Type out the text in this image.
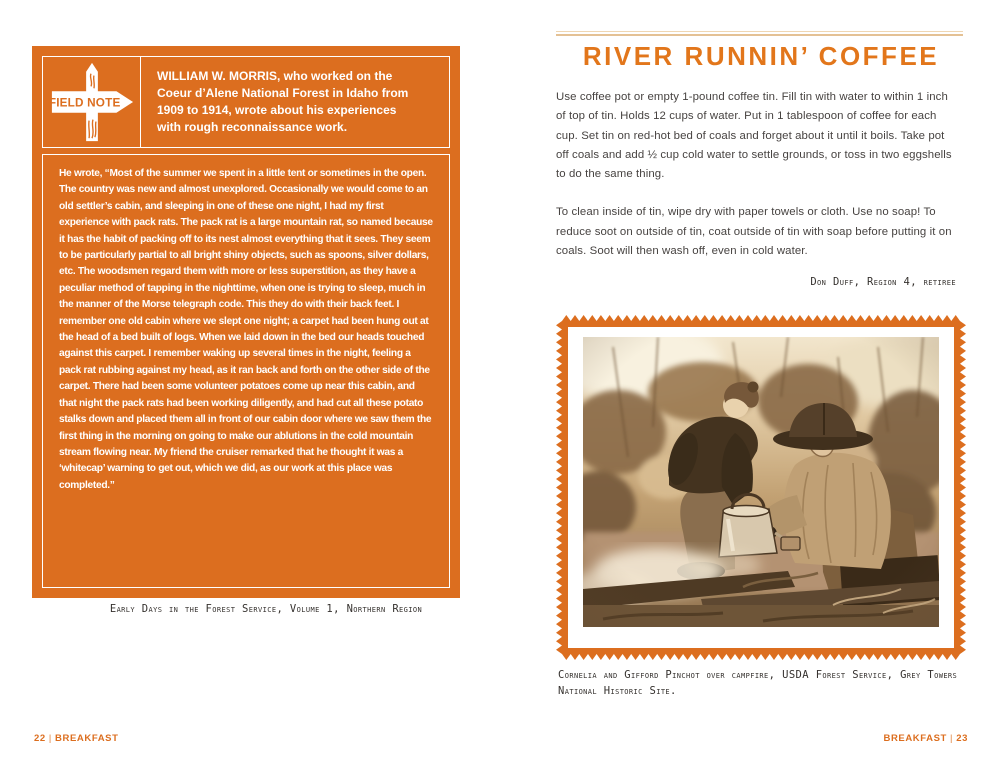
FIELD NOTE
WILLIAM W. MORRIS, who worked on the Coeur d’Alene National Forest in Idaho from 1909 to 1914, wrote about his experiences with rough reconnaissance work.
He wrote, “Most of the summer we spent in a little tent or sometimes in the open. The country was new and almost unexplored. Occasionally we would come to an old settler’s cabin, and sleeping in one of these one night, I had my first experience with pack rats. The pack rat is a large mountain rat, so named because it has the habit of packing off to its nest almost everything that it sees. They seem to be particularly partial to all bright shiny objects, such as spoons, silver dollars, etc. The woodsmen regard them with more or less superstition, as they have a peculiar method of tapping in the nighttime, when one is trying to sleep, much in the manner of the Morse telegraph code. This they do with their back feet. I remember one old cabin where we slept one night; a carpet had been hung out at the head of a bed built of logs. When we laid down in the bed our heads touched against this carpet. I remember waking up several times in the night, feeling a pack rat rubbing against my head, as it ran back and forth on the other side of the carpet. There had been some volunteer potatoes come up near this cabin, and that night the pack rats had been working diligently, and had cut all these potato stalks down and placed them all in front of our cabin door where we saw them the first thing in the morning on going to make our ablutions in the cold mountain stream flowing near. My friend the cruiser remarked that he thought it was a ‘whitecap’ warning to get out, which we did, as our work at this place was completed.”
Early Days in the Forest Service, Volume 1, Northern Region
22 | BREAKFAST
RIVER RUNNIN’ COFFEE

Use coffee pot or empty 1-pound coffee tin. Fill tin with water to within 1 inch of top of tin. Holds 12 cups of water. Put in 1 tablespoon of coffee for each cup. Set tin on red-hot bed of coals and forget about it until it boils. Take pot off coals and add ½ cup cold water to settle grounds, or toss in two eggshells to do the same thing.

To clean inside of tin, wipe dry with paper towels or cloth. Use no soap! To reduce soot on outside of tin, coat outside of tin with soap before putting it on coals. Soot will then wash off, even in cold water.

Don Duff, Region 4, retiree
Cornelia and Gifford Pinchot over campfire, USDA Forest Service, Grey Towers National Historic Site.
BREAKFAST | 23
